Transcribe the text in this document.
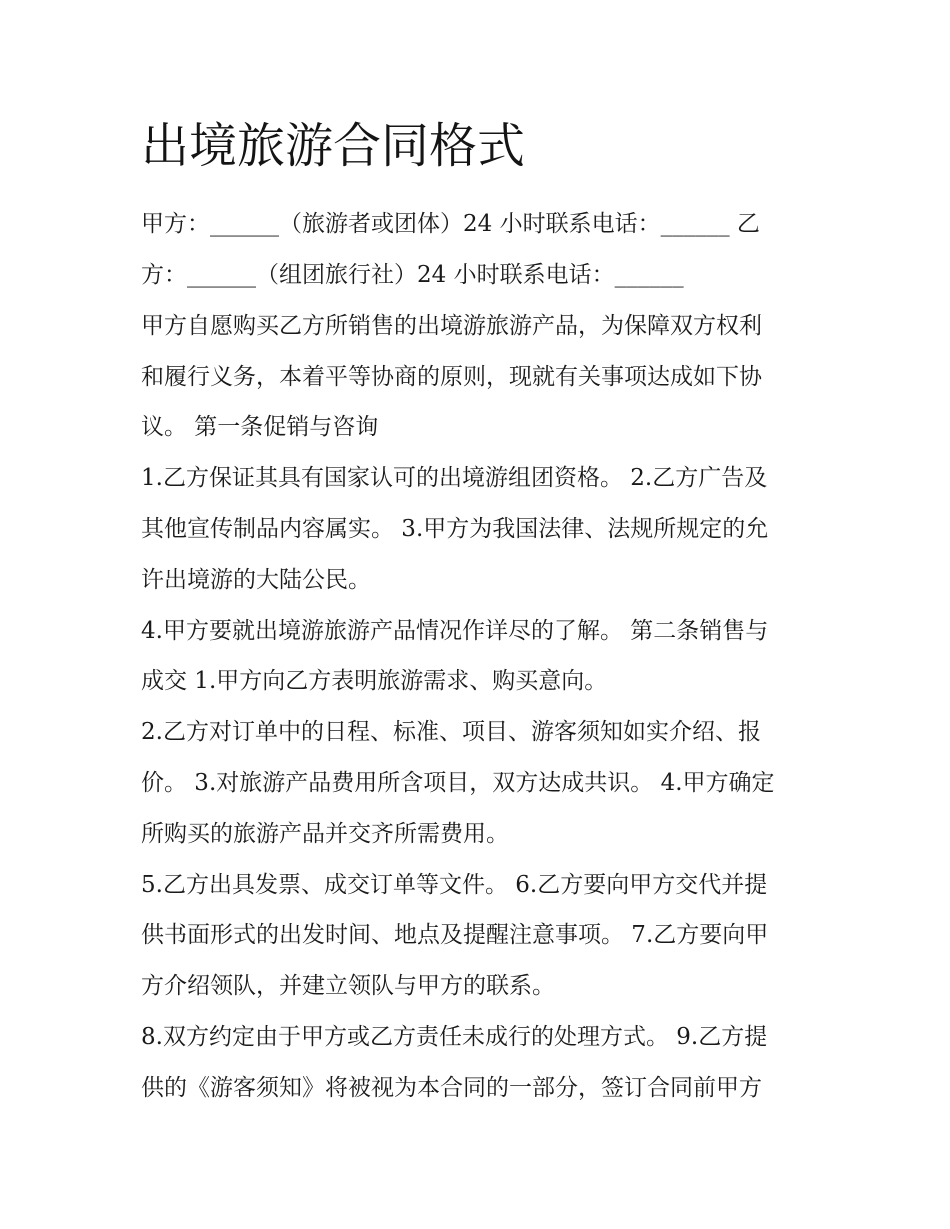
出境旅游合同格式

甲方：______（旅游者或团体）24 小时联系电话：______ 乙

方：______（组团旅行社）24 小时联系电话：______

甲方自愿购买乙方所销售的出境游旅游产品，为保障双方权利

和履行义务，本着平等协商的原则，现就有关事项达成如下协

议。 第一条促销与咨询

1.乙方保证其具有国家认可的出境游组团资格。 2.乙方广告及

其他宣传制品内容属实。 3.甲方为我国法律、法规所规定的允

许出境游的大陆公民。

4.甲方要就出境游旅游产品情况作详尽的了解。 第二条销售与

成交 1.甲方向乙方表明旅游需求、购买意向。

2.乙方对订单中的日程、标准、项目、游客须知如实介绍、报

价。 3.对旅游产品费用所含项目，双方达成共识。 4.甲方确定

所购买的旅游产品并交齐所需费用。

5.乙方出具发票、成交订单等文件。 6.乙方要向甲方交代并提

供书面形式的出发时间、地点及提醒注意事项。 7.乙方要向甲

方介绍领队，并建立领队与甲方的联系。

8.双方约定由于甲方或乙方责任未成行的处理方式。 9.乙方提

供的《游客须知》将被视为本合同的一部分，签订合同前甲方
